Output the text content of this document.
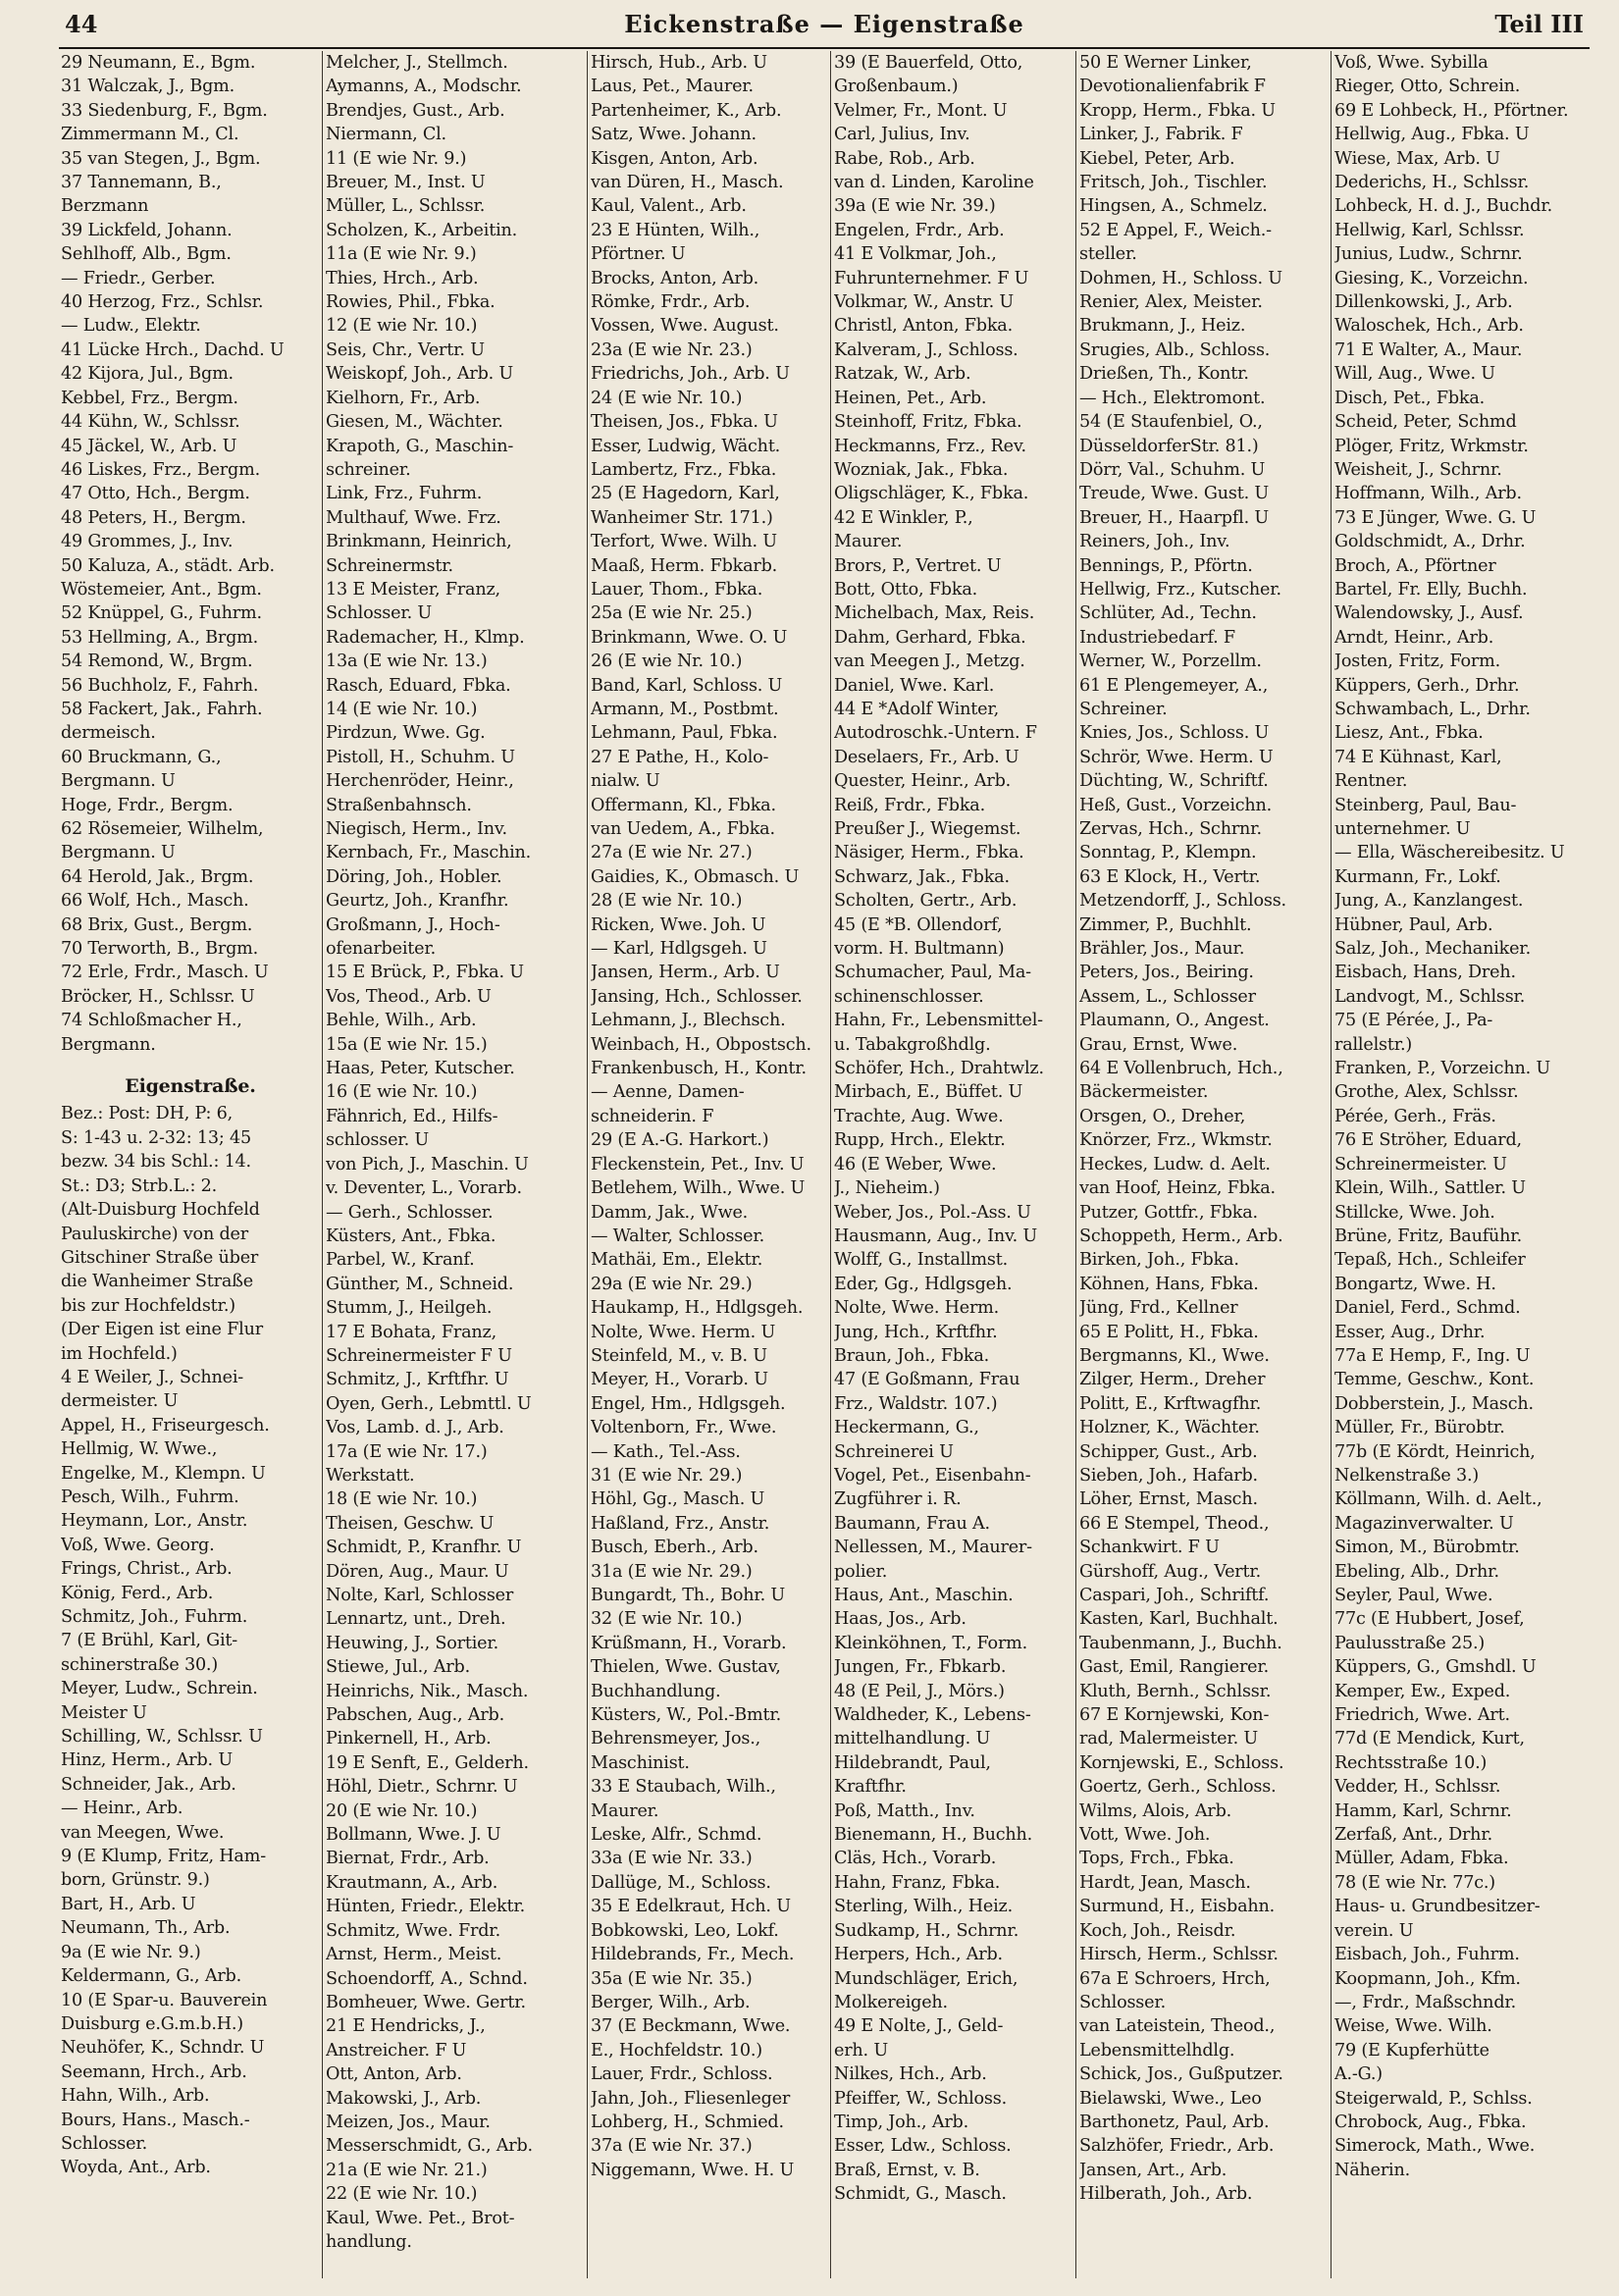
44	Eickenstraße — Eigenstraße	Teil III
29 Neumann, E., Bgm.
31 Walczak, J., Bgm.
33 Siedenburg, F., Bgm.
Zimmermann M., Cl.
35 van Stegen, J., Bgm.
37 Tannemann, B.,
Berzmann
39 Lickfeld, Johann.
Sehlhoff, Alb., Bgm.
— Friedr., Gerber.
40 Herzog, Frz., Schlsr.
— Ludw., Elektr.
41 Lücke Hrch., Dachd. U
42 Kijora, Jul., Bgm.
Kebbel, Frz., Bergm.
44 Kühn, W., Schlssr.
45 Jäckel, W., Arb. U
46 Liskes, Frz., Bergm.
47 Otto, Hch., Bergm.
48 Peters, H., Bergm.
49 Grommes, J., Inv.
50 Kaluza, A., städt. Arb.
Wöstemeier, Ant., Bgm.
52 Knüppel, G., Fuhrm.
53 Hellming, A., Brgm.
54 Remond, W., Brgm.
56 Buchholz, F., Fahrh.
58 Fackert, Jak., Fahrh.
dermeisch.
60 Bruckmann, G.,
Bergmann. U
Hoge, Frdr., Bergm.
62 Rösemeier, Wilhelm,
Bergmann. U
64 Herold, Jak., Brgm.
66 Wolf, Hch., Masch.
68 Brix, Gust., Bergm.
70 Terworth, B., Brgm.
72 Erle, Frdr., Masch. U
Bröcker, H., Schlssr. U
74 Schloßmacher H.,
Bergmann.
Eigenstraße.
Bez.: Post: DH, P: 6,
S: 1-43 u. 2-32: 13; 45
bezw. 34 bis Schl.: 14.
St.: D3; Strb.L.: 2.
(Alt-Duisburg Hochfeld
Pauluskirche) von der
Gitschiner Straße über
die Wanheimer Straße
bis zur Hochfeldstr.)
(Der Eigen ist eine Flur
im Hochfeld.)
4 E Weiler, J., Schnei-
dermeister. U
Appel, H., Friseurgesch.
Hellmig, W. Wwe.,
Engelke, M., Klempn. U
Pesch, Wilh., Fuhrm.
Heymann, Lor., Anstr.
Voß, Wwe. Georg.
Frings, Christ., Arb.
König, Ferd., Arb.
Schmitz, Joh., Fuhrm.
7 (E Brühl, Karl, Git-
schinerstraße 30.)
Meyer, Ludw., Schrein.
Meister U
Schilling, W., Schlssr. U
Hinz, Herm., Arb. U
Schneider, Jak., Arb.
— Heinr., Arb.
van Meegen, Wwe.
9 (E Klump, Fritz, Ham-
born, Grünstr. 9.)
Bart, H., Arb. U
Neumann, Th., Arb.
9a (E wie Nr. 9.)
Keldermann, G., Arb.
10 (E Spar-u. Bauverein
Duisburg e.G.m.b.H.)
Neuhöfer, K., Schndr. U
Seemann, Hrch., Arb.
Hahn, Wilh., Arb.
Bours, Hans., Masch.-
Schlosser.
Woyda, Ant., Arb.
Melcher, J., Stellmch.
Aymanns, A., Modschr.
Brendjes, Gust., Arb.
Niermann, Cl.
11 (E wie Nr. 9.)
Breuer, M., Inst. U
Müller, L., Schlssr.
Scholzen, K., Arbeitin.
11a (E wie Nr. 9.)
Thies, Hrch., Arb.
Rowies, Phil., Fbka.
12 (E wie Nr. 10.)
Seis, Chr., Vertr. U
Weiskopf, Joh., Arb. U
Kielhorn, Fr., Arb.
Giesen, M., Wächter.
Krapoth, G., Maschin-
schreiner.
Link, Frz., Fuhrm.
Multhauf, Wwe. Frz.
Brinkmann, Heinrich,
Schreinermstr.
13 E Meister, Franz,
Schlosser. U
Rademacher, H., Klmp.
13a (E wie Nr. 13.)
Rasch, Eduard, Fbka.
14 (E wie Nr. 10.)
Pirdzun, Wwe. Gg.
Pistoll, H., Schuhm. U
Herchenröder, Heinr.,
Straßenbahnsch.
Niegisch, Herm., Inv.
Kernbach, Fr., Maschin.
Döring, Joh., Hobler.
Geurtz, Joh., Kranfhr.
Großmann, J., Hoch-
ofenarbeiter.
15 E Brück, P., Fbka. U
Vos, Theod., Arb. U
Behle, Wilh., Arb.
15a (E wie Nr. 15.)
Haas, Peter, Kutscher.
16 (E wie Nr. 10.)
Fähnrich, Ed., Hilfs-
schlosser. U
von Pich, J., Maschin. U
v. Deventer, L., Vorarb.
— Gerh., Schlosser.
Küsters, Ant., Fbka.
Parbel, W., Kranf.
Günther, M., Schneid.
Stumm, J., Heilgeh.
17 E Bohata, Franz,
Schreinermeister F U
Schmitz, J., Krftfhr. U
Oyen, Gerh., Lebmttl. U
Vos, Lamb. d. J., Arb.
17a (E wie Nr. 17.)
Werkstatt.
18 (E wie Nr. 10.)
Theisen, Geschw. U
Schmidt, P., Kranfhr. U
Dören, Aug., Maur. U
Nolte, Karl, Schlosser
Lennartz, unt., Dreh.
Heuwing, J., Sortier.
Stiewe, Jul., Arb.
Heinrichs, Nik., Masch.
Pabschen, Aug., Arb.
Pinkernell, H., Arb.
19 E Senft, E., Gelderh.
Höhl, Dietr., Schrnr. U
20 (E wie Nr. 10.)
Bollmann, Wwe. J. U
Biernat, Frdr., Arb.
Krautmann, A., Arb.
Hünten, Friedr., Elektr.
Schmitz, Wwe. Frdr.
Arnst, Herm., Meist.
Schoendorff, A., Schnd.
Bomheuer, Wwe. Gertr.
21 E Hendricks, J.,
Anstreicher. F U
Ott, Anton, Arb.
Makowski, J., Arb.
Meizen, Jos., Maur.
Messerschmidt, G., Arb.
21a (E wie Nr. 21.)
22 (E wie Nr. 10.)
Kaul, Wwe. Pet., Brot-
handlung.
Hirsch, Hub., Arb. U
Laus, Pet., Maurer.
Partenheimer, K., Arb.
Satz, Wwe. Johann.
Kisgen, Anton, Arb.
van Düren, H., Masch.
Kaul, Valent., Arb.
23 E Hünten, Wilh.,
Pförtner. U
Brocks, Anton, Arb.
Römke, Frdr., Arb.
Vossen, Wwe. August.
23a (E wie Nr. 23.)
Friedrichs, Joh., Arb. U
24 (E wie Nr. 10.)
Theisen, Jos., Fbka. U
Esser, Ludwig, Wächt.
Lambertz, Frz., Fbka.
25 (E Hagedorn, Karl,
Wanheimer Str. 171.)
Terfort, Wwe. Wilh. U
Maaß, Herm. Fbkarb.
Lauer, Thom., Fbka.
25a (E wie Nr. 25.)
Brinkmann, Wwe. O. U
26 (E wie Nr. 10.)
Band, Karl, Schloss. U
Armann, M., Postbmt.
Lehmann, Paul, Fbka.
27 E Pathe, H., Kolo-
nialw. U
Offermann, Kl., Fbka.
van Uedem, A., Fbka.
27a (E wie Nr. 27.)
Gaidies, K., Obmasch. U
28 (E wie Nr. 10.)
Ricken, Wwe. Joh. U
— Karl, Hdlgsgeh. U
Jansen, Herm., Arb. U
Jansing, Hch., Schlosser.
Lehmann, J., Blechsch.
Weinbach, H., Obpostsch.
Frankenbusch, H., Kontr.
— Aenne, Damen-
schneiderin. F
29 (E A.-G. Harkort.)
Fleckenstein, Pet., Inv. U
Betlehem, Wilh., Wwe. U
Damm, Jak., Wwe.
— Walter, Schlosser.
Mathäi, Em., Elektr.
29a (E wie Nr. 29.)
Haukamp, H., Hdlgsgeh.
Nolte, Wwe. Herm. U
Steinfeld, M., v. B. U
Meyer, H., Vorarb. U
Engel, Hm., Hdlgsgeh.
Voltenborn, Fr., Wwe.
— Kath., Tel.-Ass.
31 (E wie Nr. 29.)
Höhl, Gg., Masch. U
Haßland, Frz., Anstr.
Busch, Eberh., Arb.
31a (E wie Nr. 29.)
Bungardt, Th., Bohr. U
32 (E wie Nr. 10.)
Krüßmann, H., Vorarb.
Thielen, Wwe. Gustav,
Buchhandlung.
Küsters, W., Pol.-Bmtr.
Behrensmeyer, Jos.,
Maschinist.
33 E Staubach, Wilh.,
Maurer.
Leske, Alfr., Schmd.
33a (E wie Nr. 33.)
Dallüge, M., Schloss.
35 E Edelkraut, Hch. U
Bobkowski, Leo, Lokf.
Hildebrands, Fr., Mech.
35a (E wie Nr. 35.)
Berger, Wilh., Arb.
37 (E Beckmann, Wwe.
E., Hochfeldstr. 10.)
Lauer, Frdr., Schloss.
Jahn, Joh., Fliesenleger
Lohberg, H., Schmied.
37a (E wie Nr. 37.)
Niggemann, Wwe. H. U
39 (E Bauerfeld, Otto,
Großenbaum.)
Velmer, Fr., Mont. U
Carl, Julius, Inv.
Rabe, Rob., Arb.
van d. Linden, Karoline
39a (E wie Nr. 39.)
Engelen, Frdr., Arb.
41 E Volkmar, Joh.,
Fuhrunternehmer. F U
Volkmar, W., Anstr. U
Christl, Anton, Fbka.
Kalveram, J., Schloss.
Ratzak, W., Arb.
Heinen, Pet., Arb.
Steinhoff, Fritz, Fbka.
Heckmanns, Frz., Rev.
Wozniak, Jak., Fbka.
Oligschläger, K., Fbka.
42 E Winkler, P.,
Maurer.
Brors, P., Vertret. U
Bott, Otto, Fbka.
Michelbach, Max, Reis.
Dahm, Gerhard, Fbka.
van Meegen J., Metzg.
Daniel, Wwe. Karl.
44 E *Adolf Winter,
Autodroschk.-Untern. F
Deselaers, Fr., Arb. U
Quester, Heinr., Arb.
Reiß, Frdr., Fbka.
Preußer J., Wiegemst.
Näsiger, Herm., Fbka.
Schwarz, Jak., Fbka.
Scholten, Gertr., Arb.
45 (E *B. Ollendorf,
vorm. H. Bultmann)
Schumacher, Paul, Ma-
schinenschlosser.
Hahn, Fr., Lebensmittel-
u. Tabakgroßhdlg.
Schöfer, Hch., Drahtwlz.
Mirbach, E., Büffet. U
Trachte, Aug. Wwe.
Rupp, Hrch., Elektr.
46 (E Weber, Wwe.
J., Nieheim.)
Weber, Jos., Pol.-Ass. U
Hausmann, Aug., Inv. U
Wolff, G., Installmst.
Eder, Gg., Hdlgsgeh.
Nolte, Wwe. Herm.
Jung, Hch., Krftfhr.
Braun, Joh., Fbka.
47 (E Goßmann, Frau
Frz., Waldstr. 107.)
Heckermann, G.,
Schreinerei U
Vogel, Pet., Eisenbahn-
Zugführer i. R.
Baumann, Frau A.
Nellessen, M., Maurer-
polier.
Haus, Ant., Maschin.
Haas, Jos., Arb.
Kleinköhnen, T., Form.
Jungen, Fr., Fbkarb.
48 (E Peil, J., Mörs.)
Waldheder, K., Lebens-
mittelhandlung. U
Hildebrandt, Paul,
Kraftfhr.
Poß, Matth., Inv.
Bienemann, H., Buchh.
Cläs, Hch., Vorarb.
Hahn, Franz, Fbka.
Sterling, Wilh., Heiz.
Sudkamp, H., Schrnr.
Herpers, Hch., Arb.
Mundschläger, Erich,
Molkereigeh.
49 E Nolte, J., Geld-
erh. U
Nilkes, Hch., Arb.
Pfeiffer, W., Schloss.
Timp, Joh., Arb.
Esser, Ldw., Schloss.
Braß, Ernst, v. B.
Schmidt, G., Masch.
50 E Werner Linker,
Devotionalienfabrik F
Kropp, Herm., Fbka. U
Linker, J., Fabrik. F
Kiebel, Peter, Arb.
Fritsch, Joh., Tischler.
Hingsen, A., Schmelz.
52 E Appel, F., Weich.-
steller.
Dohmen, H., Schloss. U
Renier, Alex, Meister.
Brukmann, J., Heiz.
Srugies, Alb., Schloss.
Drießen, Th., Kontr.
— Hch., Elektromont.
54 (E Staufenbiel, O.,
DüsseldorferStr. 81.)
Dörr, Val., Schuhm. U
Treude, Wwe. Gust. U
Breuer, H., Haarpfl. U
Reiners, Joh., Inv.
Bennings, P., Pförtn.
Hellwig, Frz., Kutscher.
Schlüter, Ad., Techn.
Industriebedarf. F
Werner, W., Porzellm.
61 E Plengemeyer, A.,
Schreiner.
Knies, Jos., Schloss. U
Schrör, Wwe. Herm. U
Düchting, W., Schriftf.
Heß, Gust., Vorzeichn.
Zervas, Hch., Schrnr.
Sonntag, P., Klempn.
63 E Klock, H., Vertr.
Metzendorff, J., Schloss.
Zimmer, P., Buchhlt.
Brähler, Jos., Maur.
Peters, Jos., Beiring.
Assem, L., Schlosser
Plaumann, O., Angest.
Grau, Ernst, Wwe.
64 E Vollenbruch, Hch.,
Bäckermeister.
Orsgen, O., Dreher,
Knörzer, Frz., Wkmstr.
Heckes, Ludw. d. Aelt.
van Hoof, Heinz, Fbka.
Putzer, Gottfr., Fbka.
Schoppeth, Herm., Arb.
Birken, Joh., Fbka.
Köhnen, Hans, Fbka.
Jüng, Frd., Kellner
65 E Politt, H., Fbka.
Bergmanns, Kl., Wwe.
Zilger, Herm., Dreher
Politt, E., Krftwagfhr.
Holzner, K., Wächter.
Schipper, Gust., Arb.
Sieben, Joh., Hafarb.
Löher, Ernst, Masch.
66 E Stempel, Theod.,
Schankwirt. F U
Gürshoff, Aug., Vertr.
Caspari, Joh., Schriftf.
Kasten, Karl, Buchhalt.
Taubenmann, J., Buchh.
Gast, Emil, Rangierer.
Kluth, Bernh., Schlssr.
67 E Kornjewski, Kon-
rad, Malermeister. U
Kornjewski, E., Schloss.
Goertz, Gerh., Schloss.
Wilms, Alois, Arb.
Vott, Wwe. Joh.
Tops, Frch., Fbka.
Hardt, Jean, Masch.
Surmund, H., Eisbahn.
Koch, Joh., Reisdr.
Hirsch, Herm., Schlssr.
67a E Schroers, Hrch,
Schlosser.
van Lateistein, Theod.,
Lebensmittelhdlg.
Schick, Jos., Gußputzer.
Bielawski, Wwe., Leo
Barthonetz, Paul, Arb.
Salzhöfer, Friedr., Arb.
Jansen, Art., Arb.
Hilberath, Joh., Arb.
Voß, Wwe. Sybilla
Rieger, Otto, Schrein.
69 E Lohbeck, H., Pförtner.
Hellwig, Aug., Fbka. U
Wiese, Max, Arb. U
Dederichs, H., Schlssr.
Lohbeck, H. d. J., Buchdr.
Hellwig, Karl, Schlssr.
Junius, Ludw., Schrnr.
Giesing, K., Vorzeichn.
Dillenkowski, J., Arb.
Waloschek, Hch., Arb.
71 E Walter, A., Maur.
Will, Aug., Wwe. U
Disch, Pet., Fbka.
Scheid, Peter, Schmd
Plöger, Fritz, Wrkmstr.
Weisheit, J., Schrnr.
Hoffmann, Wilh., Arb.
73 E Jünger, Wwe. G. U
Goldschmidt, A., Drhr.
Broch, A., Pförtner
Bartel, Fr. Elly, Buchh.
Walendowsky, J., Ausf.
Arndt, Heinr., Arb.
Josten, Fritz, Form.
Küppers, Gerh., Drhr.
Schwambach, L., Drhr.
Liesz, Ant., Fbka.
74 E Kühnast, Karl,
Rentner.
Steinberg, Paul, Bau-
unternehmer. U
— Ella, Wäschereibesitz. U
Kurmann, Fr., Lokf.
Jung, A., Kanzlangest.
Hübner, Paul, Arb.
Salz, Joh., Mechaniker.
Eisbach, Hans, Dreh.
Landvogt, M., Schlssr.
75 (E Pérée, J., Pa-
rallelstr.)
Franken, P., Vorzeichn. U
Grothe, Alex, Schlssr.
Pérée, Gerh., Fräs.
76 E Ströher, Eduard,
Schreinermeister. U
Klein, Wilh., Sattler. U
Stillcke, Wwe. Joh.
Brüne, Fritz, Bauführ.
Tepaß, Hch., Schleifer
Bongartz, Wwe. H.
Daniel, Ferd., Schmd.
Esser, Aug., Drhr.
77a E Hemp, F., Ing. U
Temme, Geschw., Kont.
Dobberstein, J., Masch.
Müller, Fr., Bürobtr.
77b (E Kördt, Heinrich,
Nelkenstraße 3.)
Köllmann, Wilh. d. Aelt.,
Magazinverwalter. U
Simon, M., Bürobmtr.
Ebeling, Alb., Drhr.
Seyler, Paul, Wwe.
77c (E Hubbert, Josef,
Paulusstraße 25.)
Küppers, G., Gmshdl. U
Kemper, Ew., Exped.
Friedrich, Wwe. Art.
77d (E Mendick, Kurt,
Rechtsstraße 10.)
Vedder, H., Schlssr.
Hamm, Karl, Schrnr.
Zerfaß, Ant., Drhr.
Müller, Adam, Fbka.
78 (E wie Nr. 77c.)
Haus- u. Grundbesitzer-
verein. U
Eisbach, Joh., Fuhrm.
Koopmann, Joh., Kfm.
—, Frdr., Maßschndr.
Weise, Wwe. Wilh.
79 (E Kupferhütte
A.-G.)
Steigerwald, P., Schlss.
Chrobock, Aug., Fbka.
Simerock, Math., Wwe.
Näherin.
